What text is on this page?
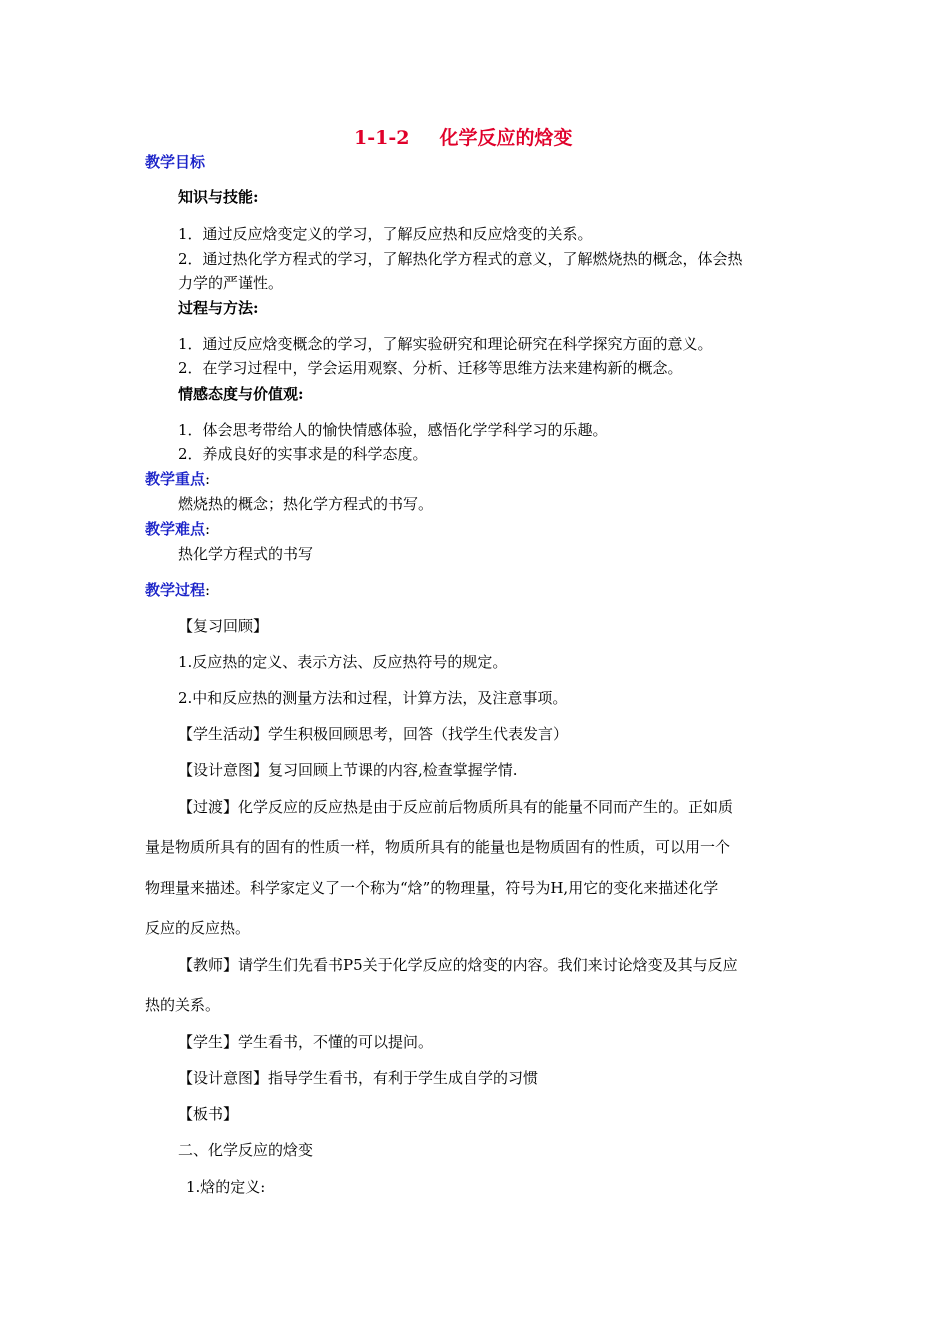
1-1-2 化学反应的焓变
教学目标
知识与技能:
1．通过反应焓变定义的学习，了解反应热和反应焓变的关系。
2．通过热化学方程式的学习，了解热化学方程式的意义，了解燃烧热的概念，体会热
力学的严谨性。
过程与方法:
1．通过反应焓变概念的学习，了解实验研究和理论研究在科学探究方面的意义。
2．在学习过程中，学会运用观察、分析、迁移等思维方法来建构新的概念。
情感态度与价值观:
1．体会思考带给人的愉快情感体验，感悟化学学科学习的乐趣。
2．养成良好的实事求是的科学态度。
教学重点:
燃烧热的概念；热化学方程式的书写。
教学难点:
热化学方程式的书写
教学过程:
【复习回顾】
1.反应热的定义、表示方法、反应热符号的规定。
2.中和反应热的测量方法和过程，计算方法，及注意事项。
【学生活动】学生积极回顾思考，回答（找学生代表发言）
【设计意图】复习回顾上节课的内容,检查掌握学情.
【过渡】化学反应的反应热是由于反应前后物质所具有的能量不同而产生的。正如质
量是物质所具有的固有的性质一样，物质所具有的能量也是物质固有的性质，可以用一个
物理量来描述。科学家定义了一个称为“焓”的物理量，符号为H,用它的变化来描述化学
反应的反应热。
【教师】请学生们先看书P5关于化学反应的焓变的内容。我们来讨论焓变及其与反应
热的关系。
【学生】学生看书，不懂的可以提问。
【设计意图】指导学生看书，有利于学生成自学的习惯
【板书】
二、化学反应的焓变
1.焓的定义:
